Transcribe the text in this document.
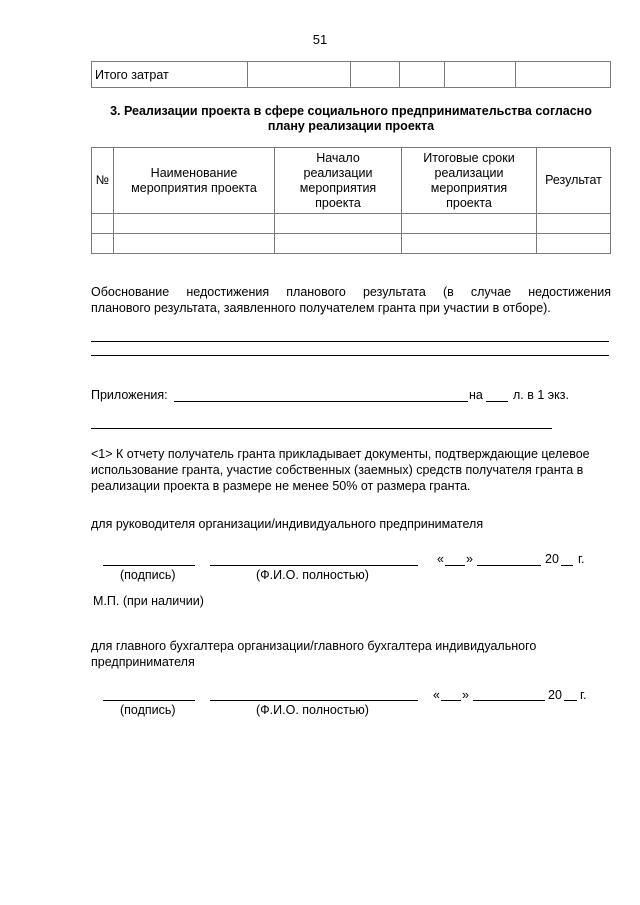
51
Итого затрат					
3. Реализации проекта в сфере социального предпринимательства согласно
плану реализации проекта
№	Наименование мероприятия проекта	Начало реализации мероприятия проекта	Итоговые сроки реализации мероприятия проекта	Результат

Обоснование недостижения планового результата (в случае недостижения
планового результата, заявленного получателем гранта при участии в отборе).
Приложения:	на л. в 1 экз.
<1> К отчету получатель гранта прикладывает документы, подтверждающие целевое
использование гранта, участие собственных (заемных) средств получателя гранта в
реализации проекта в размере не менее 50% от размера гранта.
для руководителя организации/индивидуального предпринимателя
« »	20 г.
(подпись)	(Ф.И.О. полностью)
М.П. (при наличии)
для главного бухгалтера организации/главного бухгалтера индивидуального
предпринимателя
« »	20 г.
(подпись)	(Ф.И.О. полностью)
